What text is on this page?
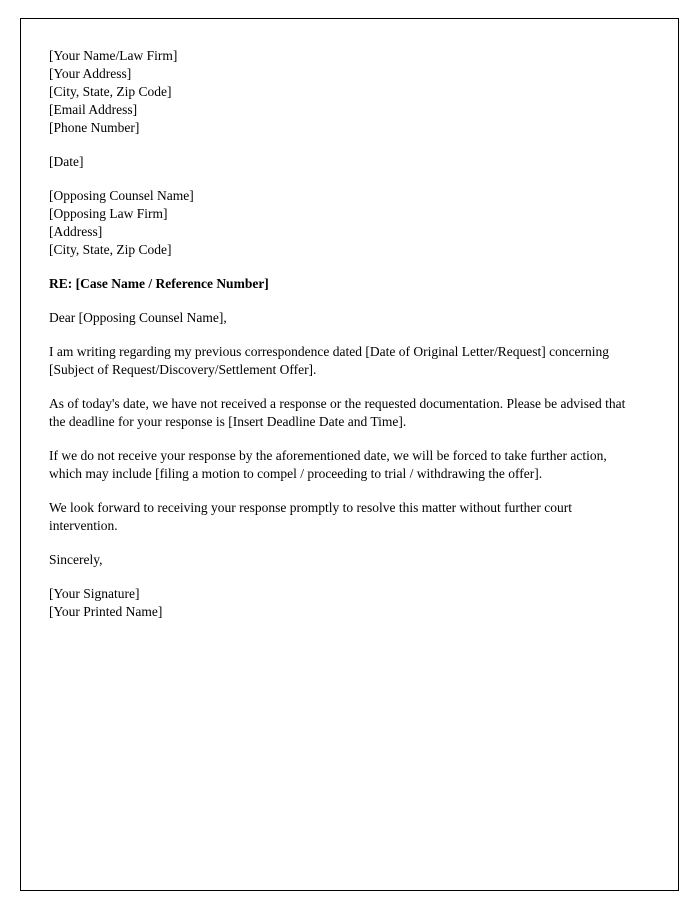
[Your Name/Law Firm]
[Your Address]
[City, State, Zip Code]
[Email Address]
[Phone Number]
[Date]
[Opposing Counsel Name]
[Opposing Law Firm]
[Address]
[City, State, Zip Code]

RE: [Case Name / Reference Number]

Dear [Opposing Counsel Name],

I am writing regarding my previous correspondence dated [Date of Original Letter/Request] concerning [Subject of Request/Discovery/Settlement Offer].

As of today's date, we have not received a response or the requested documentation. Please be advised that the deadline for your response is [Insert Deadline Date and Time].

If we do not receive your response by the aforementioned date, we will be forced to take further action, which may include [filing a motion to compel / proceeding to trial / withdrawing the offer].

We look forward to receiving your response promptly to resolve this matter without further court intervention.

Sincerely,

[Your Signature]
[Your Printed Name]
